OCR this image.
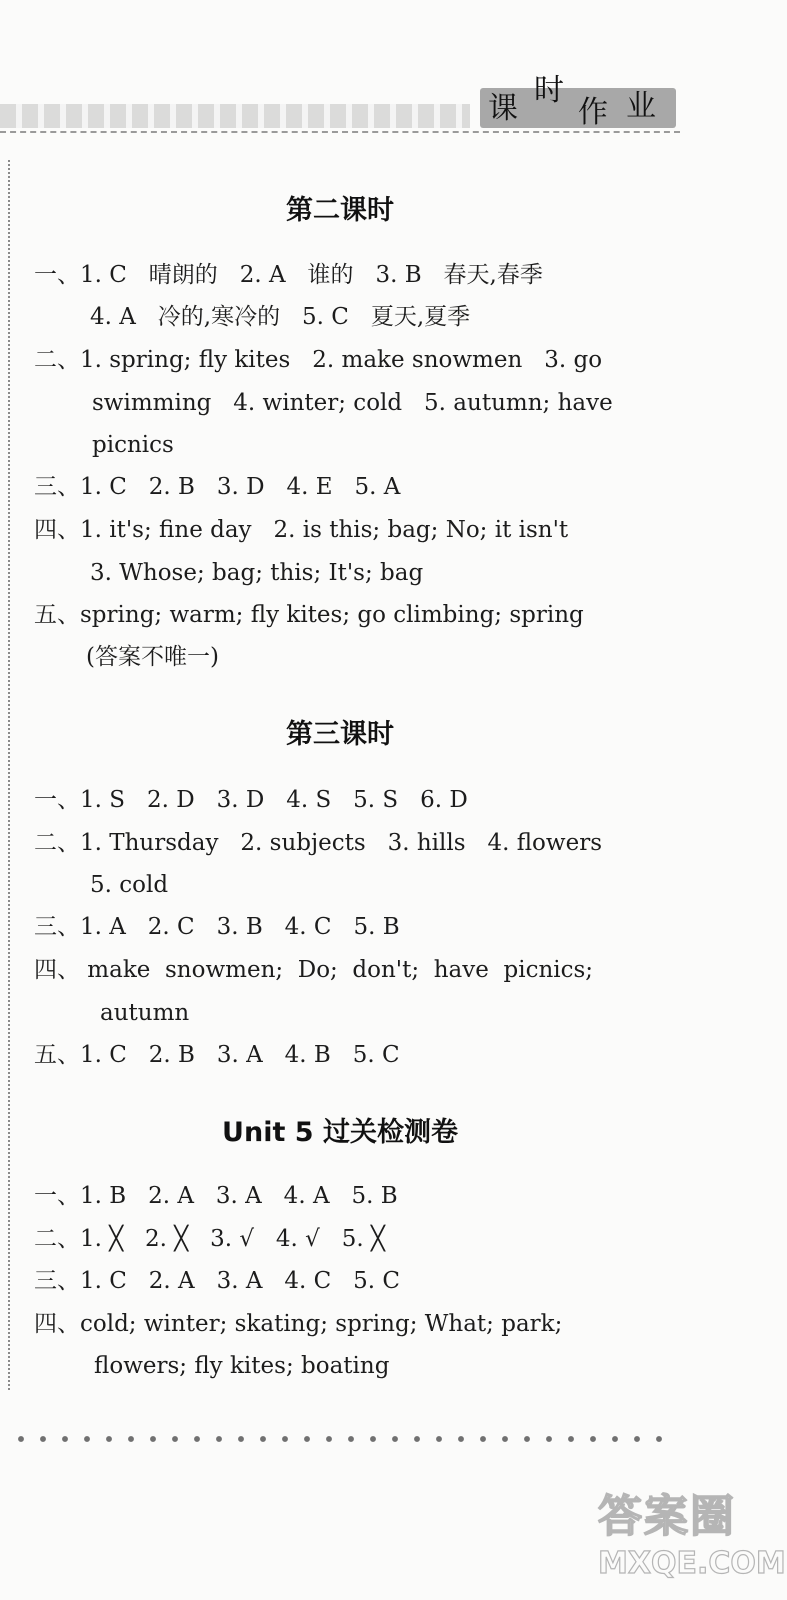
课
时
作 业
第二课时
一、1. C   晴朗的   2. A   谁的   3. B   春天,春季
4. A   冷的,寒冷的   5. C   夏天,夏季
二、1. spring; fly kites   2. make snowmen   3. go
swimming   4. winter; cold   5. autumn; have
picnics
三、1. C   2. B   3. D   4. E   5. A
四、1. it's; fine day   2. is this; bag; No; it isn't
3. Whose; bag; this; It's; bag
五、spring; warm; fly kites; go climbing; spring
(答案不唯一)
第三课时
一、1. S   2. D   3. D   4. S   5. S   6. D
二、1. Thursday   2. subjects   3. hills   4. flowers
5. cold
三、1. A   2. C   3. B   4. C   5. B
四、 make  snowmen;  Do;  don't;  have  picnics;
autumn
五、1. C   2. B   3. A   4. B   5. C
Unit 5 过关检测卷
一、1. B   2. A   3. A   4. A   5. B
二、1. ╳   2. ╳   3. √   4. √   5. ╳
三、1. C   2. A   3. A   4. C   5. C
四、cold; winter; skating; spring; What; park;
flowers; fly kites; boating
答案圈
MXQE.COM
